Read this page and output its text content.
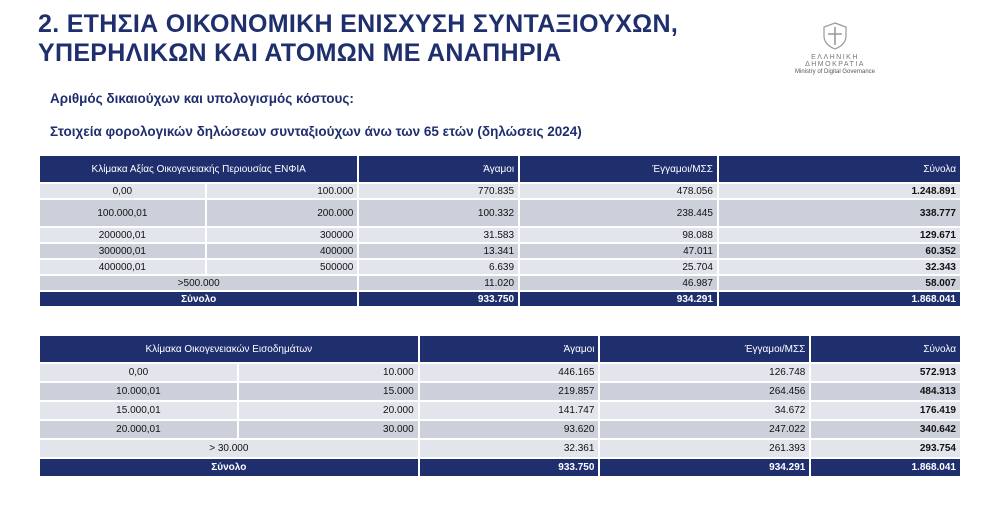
2. ΕΤΗΣΙΑ ΟΙΚΟΝΟΜΙΚΗ ΕΝΙΣΧΥΣΗ ΣΥΝΤΑΞΙΟΥΧΩΝ,
ΥΠΕΡΗΛΙΚΩΝ ΚΑΙ ΑΤΟΜΩΝ ΜΕ ΑΝΑΠΗΡΙΑ	ΕΛΛΗΝΙΚΗ ΔΗΜΟΚΡΑΤΙΑ
Ministry of Digital Governance
Αριθμός δικαιούχων και υπολογισμός κόστους:
Στοιχεία φορολογικών δηλώσεων συνταξιούχων άνω των 65 ετών (δηλώσεις 2024)
Κλίμακα Αξίας Οικογενειακής Περιουσίας ΕΝΦΙΑ		Άγαμοι	Έγγαμοι/ΜΣΣ	Σύνολα
0,00	100.000	770.835	478.056	1.248.891
100.000,01	200.000	100.332	238.445	338.777
200000,01	300000	31.583	98.088	129.671
300000,01	400000	13.341	47.011	60.352
400000,01	500000	6.639	25.704	32.343
>500.000		11.020	46.987	58.007
Σύνολο		933.750	934.291	1.868.041
Κλίμακα Οικογενειακών Εισοδημάτων		Άγαμοι	Έγγαμοι/ΜΣΣ	Σύνολα
0,00	10.000	446.165	126.748	572.913
10.000,01	15.000	219.857	264.456	484.313
15.000,01	20.000	141.747	34.672	176.419
20.000,01	30.000	93.620	247.022	340.642
> 30.000		32.361	261.393	293.754
Σύνολο		933.750	934.291	1.868.041
